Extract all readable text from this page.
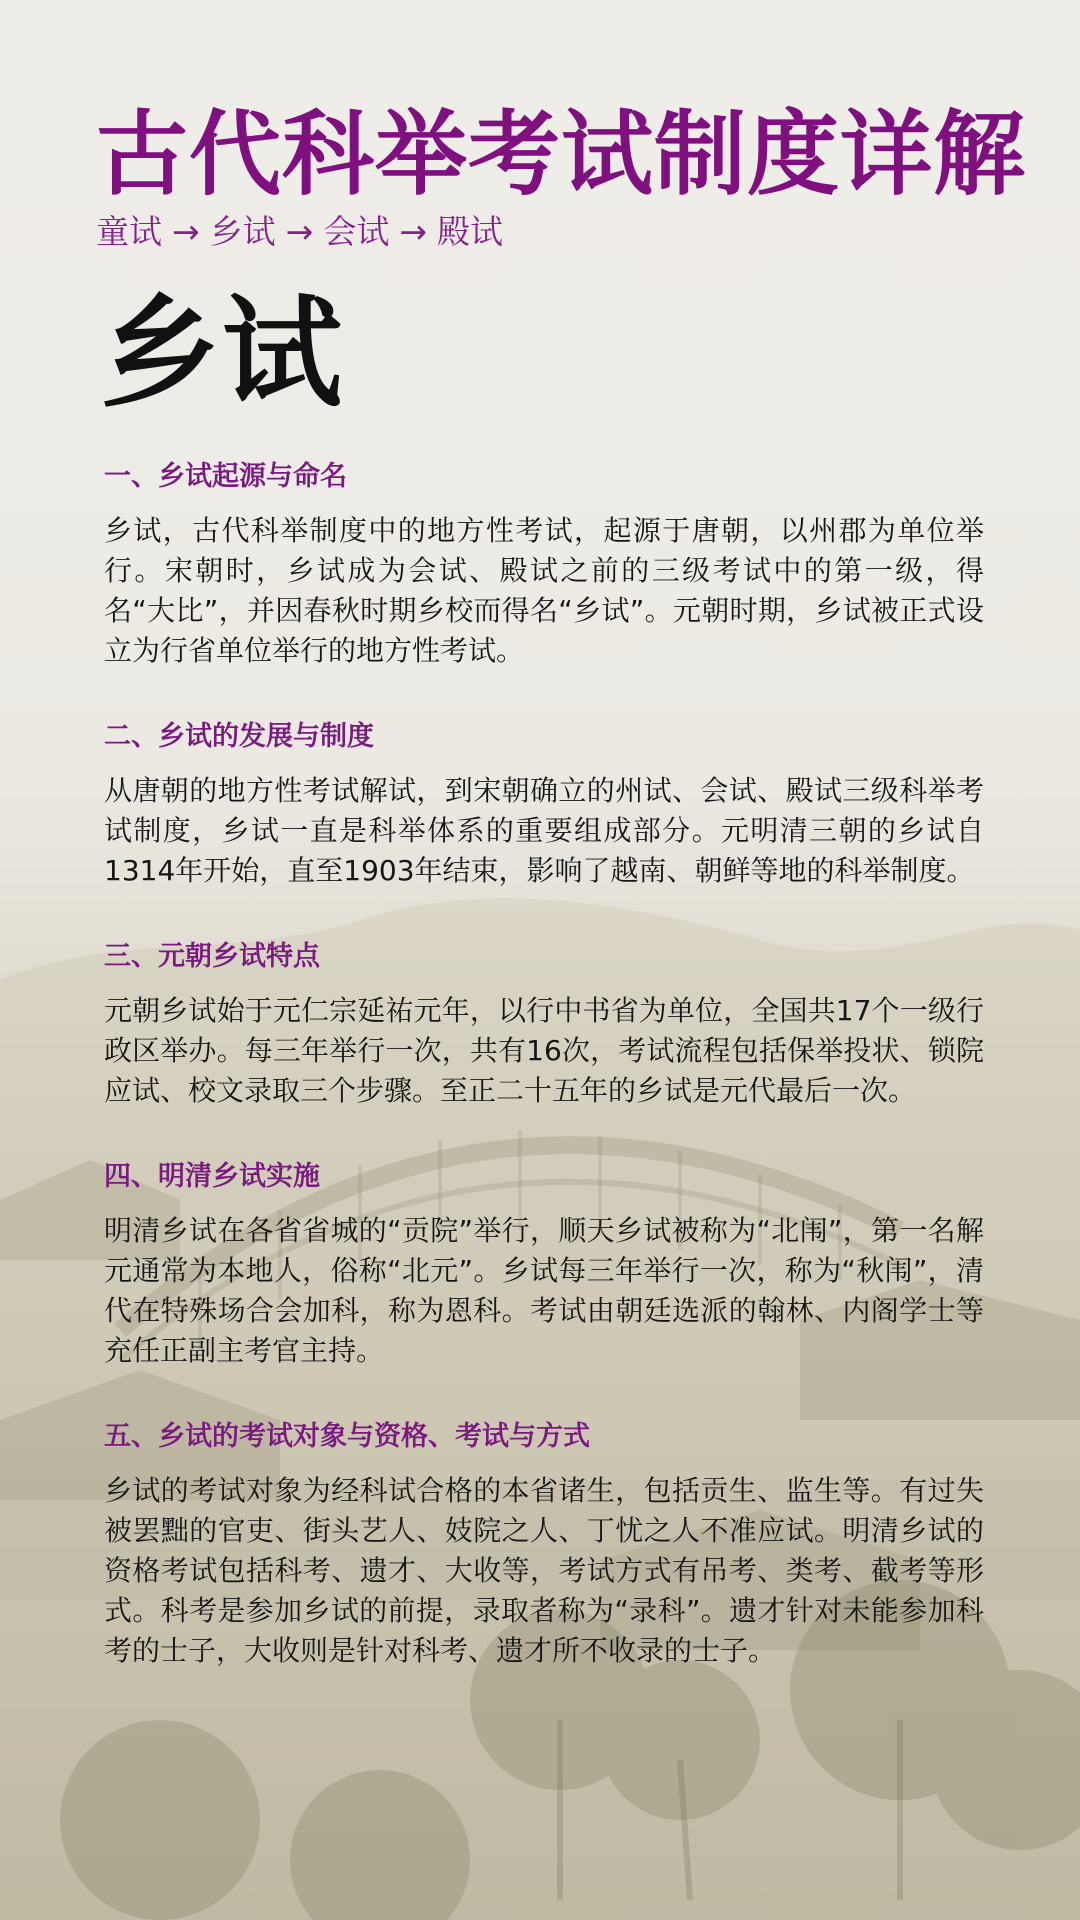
古代科举考试制度详解
童试 → 乡试 → 会试 → 殿试
乡试
一、乡试起源与命名

乡试，古代科举制度中的地方性考试，起源于唐朝，以州郡为单位举行。宋朝时，乡试成为会试、殿试之前的三级考试中的第一级，得名“大比”，并因春秋时期乡校而得名“乡试”。元朝时期，乡试被正式设立为行省单位举行的地方性考试。

二、乡试的发展与制度

从唐朝的地方性考试解试，到宋朝确立的州试、会试、殿试三级科举考试制度，乡试一直是科举体系的重要组成部分。元明清三朝的乡试自1314年开始，直至1903年结束，影响了越南、朝鲜等地的科举制度。

三、元朝乡试特点

元朝乡试始于元仁宗延祐元年，以行中书省为单位，全国共17个一级行政区举办。每三年举行一次，共有16次，考试流程包括保举投状、锁院应试、校文录取三个步骤。至正二十五年的乡试是元代最后一次。

四、明清乡试实施

明清乡试在各省省城的“贡院”举行，顺天乡试被称为“北闱”，第一名解元通常为本地人，俗称“北元”。乡试每三年举行一次，称为“秋闱”，清代在特殊场合会加科，称为恩科。考试由朝廷选派的翰林、内阁学士等充任正副主考官主持。

五、乡试的考试对象与资格、考试与方式

乡试的考试对象为经科试合格的本省诸生，包括贡生、监生等。有过失被罢黜的官吏、街头艺人、妓院之人、丁忧之人不准应试。明清乡试的资格考试包括科考、遗才、大收等，考试方式有吊考、类考、截考等形式。科考是参加乡试的前提，录取者称为“录科”。遗才针对未能参加科考的士子，大收则是针对科考、遗才所不收录的士子。
